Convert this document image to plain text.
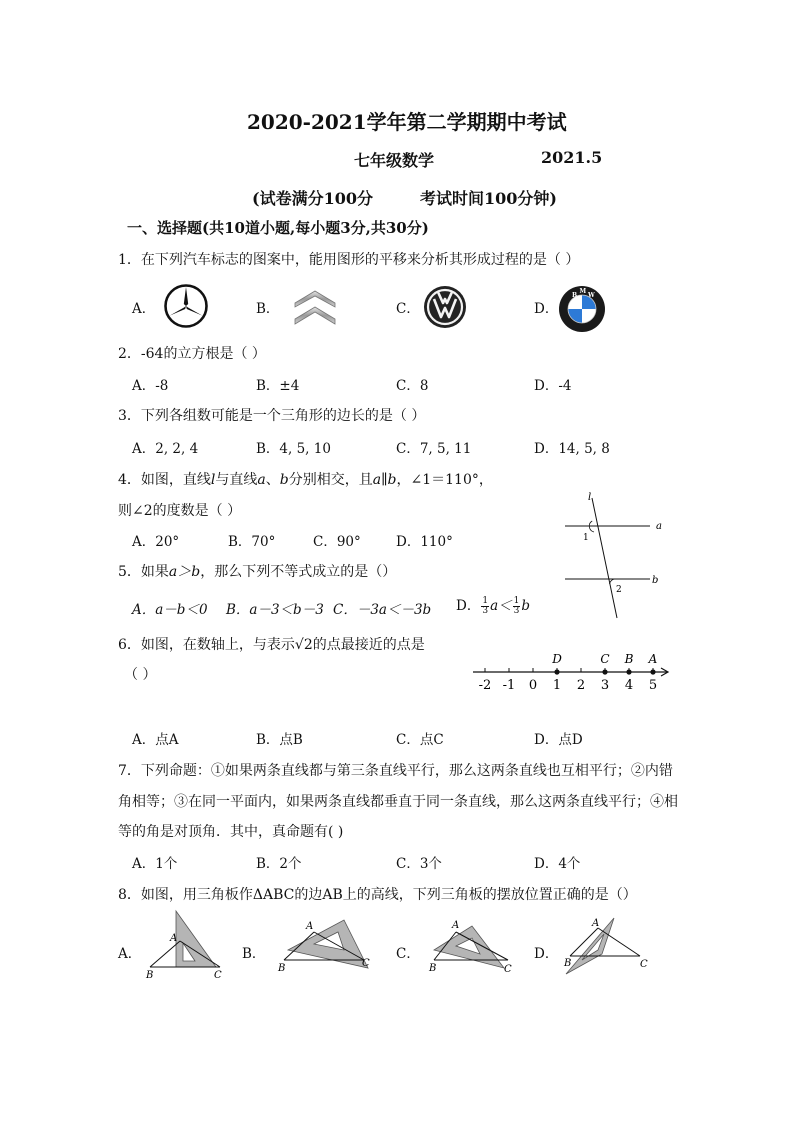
2020-2021学年第二学期期中考试
七年级数学	2021.5
(试卷满分100分	考试时间100分钟)
一、选择题(共10道小题,每小题3分,共30分)
1．在下列汽车标志的图案中，能用图形的平移来分析其形成过程的是（ ）
A．	B．	C．	D．
B
M
W
2．-64的立方根是（ ）
A．-8	B．±4	C．8	D．-4
3．下列各组数可能是一个三角形的边长的是（ ）
A．2, 2, 4	B．4, 5, 10	C．7, 5, 11	D．14, 5, 8
4．如图，直线l与直线a、b分别相交，且a∥b，∠1＝110°，
则∠2的度数是（ ）
A．20°	B．70°	C．90°	D．110°
l
a
b
1
2
5．如果a＞b，那么下列不等式成立的是（）
A．a－b＜0 B．a－3＜b－3 C．－3a＜－3b D． $\frac{1}{3} a< \frac{1}{3}$ b
6．如图，在数轴上，与表示√2的点最接近的点是
（ ）
-2 -1 0 1 2 3 4 5
D	C B A
A．点A	B．点B	C．点C	D．点D
7．下列命题：①如果两条直线都与第三条直线平行，那么这两条直线也互相平行；②内错
角相等；③在同一平面内，如果两条直线都垂直于同一条直线，那么这两条直线平行；④相
等的角是对顶角．其中，真命题有( )
A．1个	B．2个	C．3个	D．4个
8．如图，用三角板作ΔABC的边AB上的高线，下列三角板的摆放位置正确的是（）
A．	B．	C．	D．
A
B	C
A
B	C
A
B	C
A
B	C
